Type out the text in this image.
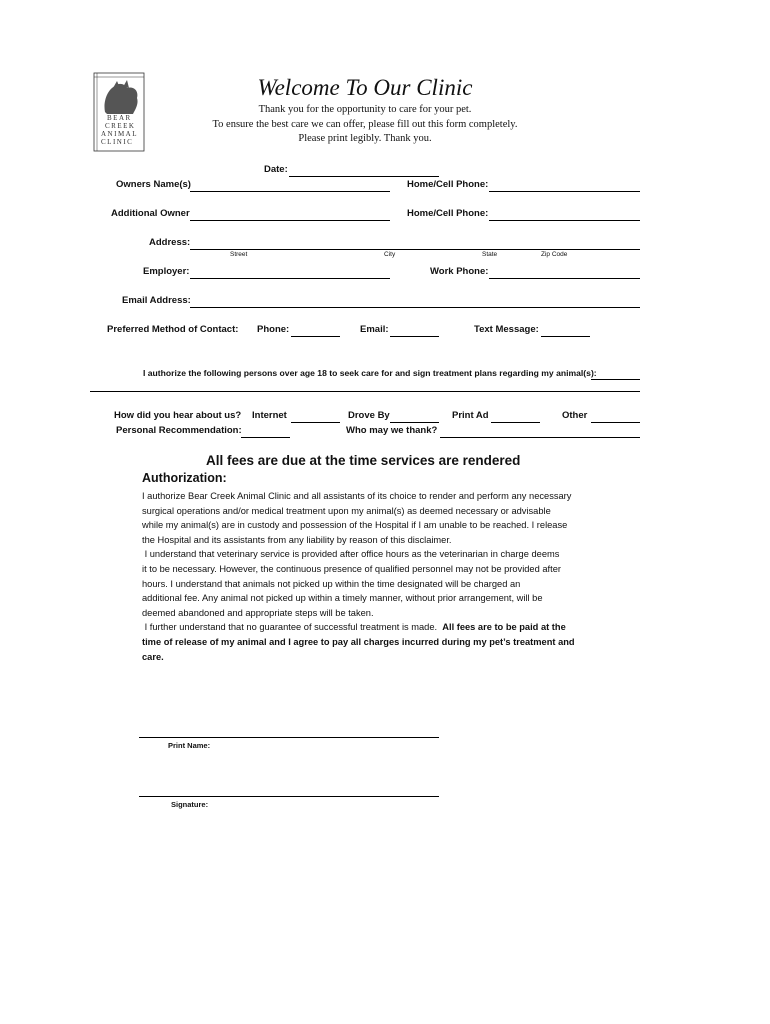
BEAR
CREEK
ANIMAL
CLINIC
Welcome To Our Clinic
Thank you for the opportunity to care for your pet.
To ensure the best care we can offer, please fill out this form completely.
Please print legibly. Thank you.
Date:
Owners Name(s)	Home/Cell Phone:
Additional Owner	Home/Cell Phone:
Address:
Street	City	State	Zip Code
Employer:	Work Phone:
Email Address:
Preferred Method of Contact: Phone:	Email:	Text Message:
I authorize the following persons over age 18 to seek care for and sign treatment plans regarding my animal(s):
How did you hear about us? Internet	Drove By	Print Ad	Other
Personal Recommendation:	Who may we thank?
All fees are due at the time services are rendered
Authorization:

I authorize Bear Creek Animal Clinic and all assistants of its choice to render and perform any necessary

surgical operations and/or medical treatment upon my animal(s) as deemed necessary or advisable

while my animal(s) are in custody and possession of the Hospital if I am unable to be reached. I release

the Hospital and its assistants from any liability by reason of this disclaimer.

I understand that veterinary service is provided after office hours as the veterinarian in charge deems

it to be necessary. However, the continuous presence of qualified personnel may not be provided after

hours. I understand that animals not picked up within the time designated will be charged an

additional fee. Any animal not picked up within a timely manner, without prior arrangement, will be

deemed abandoned and appropriate steps will be taken.

I further understand that no guarantee of successful treatment is made.  All fees are to be paid at the

time of release of my animal and I agree to pay all charges incurred during my pet’s treatment and

care.

Print Name:
Signature:
